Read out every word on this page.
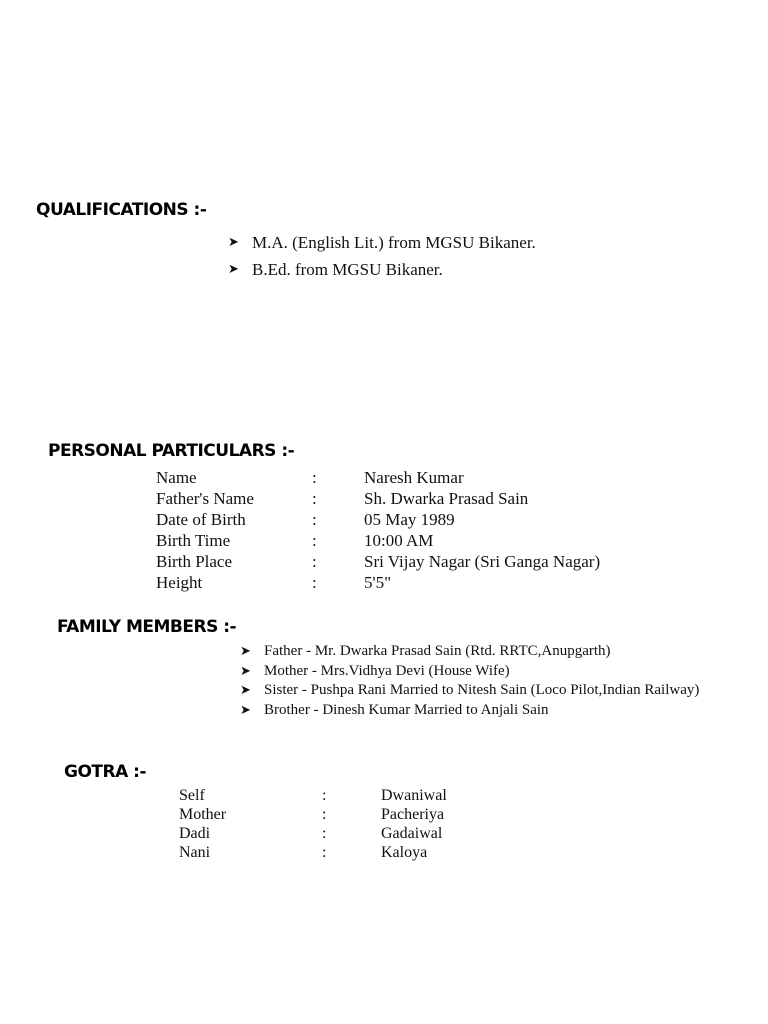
QUALIFICATIONS :-
➤ M.A. (English Lit.) from MGSU Bikaner.
➤ B.Ed. from MGSU Bikaner.
PERSONAL PARTICULARS :-
Name	:	Naresh Kumar
Father's Name	:	Sh. Dwarka Prasad Sain
Date of Birth	:	05 May 1989
Birth Time	:	10:00 AM
Birth Place	:	Sri Vijay Nagar (Sri Ganga Nagar)
Height	:	5'5"
FAMILY MEMBERS :-
➤ Father - Mr. Dwarka Prasad Sain (Rtd. RRTC,Anupgarth)
➤ Mother - Mrs.Vidhya Devi (House Wife)
➤ Sister - Pushpa Rani Married to Nitesh Sain (Loco Pilot,Indian Railway)
➤ Brother - Dinesh Kumar Married to Anjali Sain
GOTRA :-
Self	:	Dwaniwal
Mother	:	Pacheriya
Dadi	:	Gadaiwal
Nani	:	Kaloya
